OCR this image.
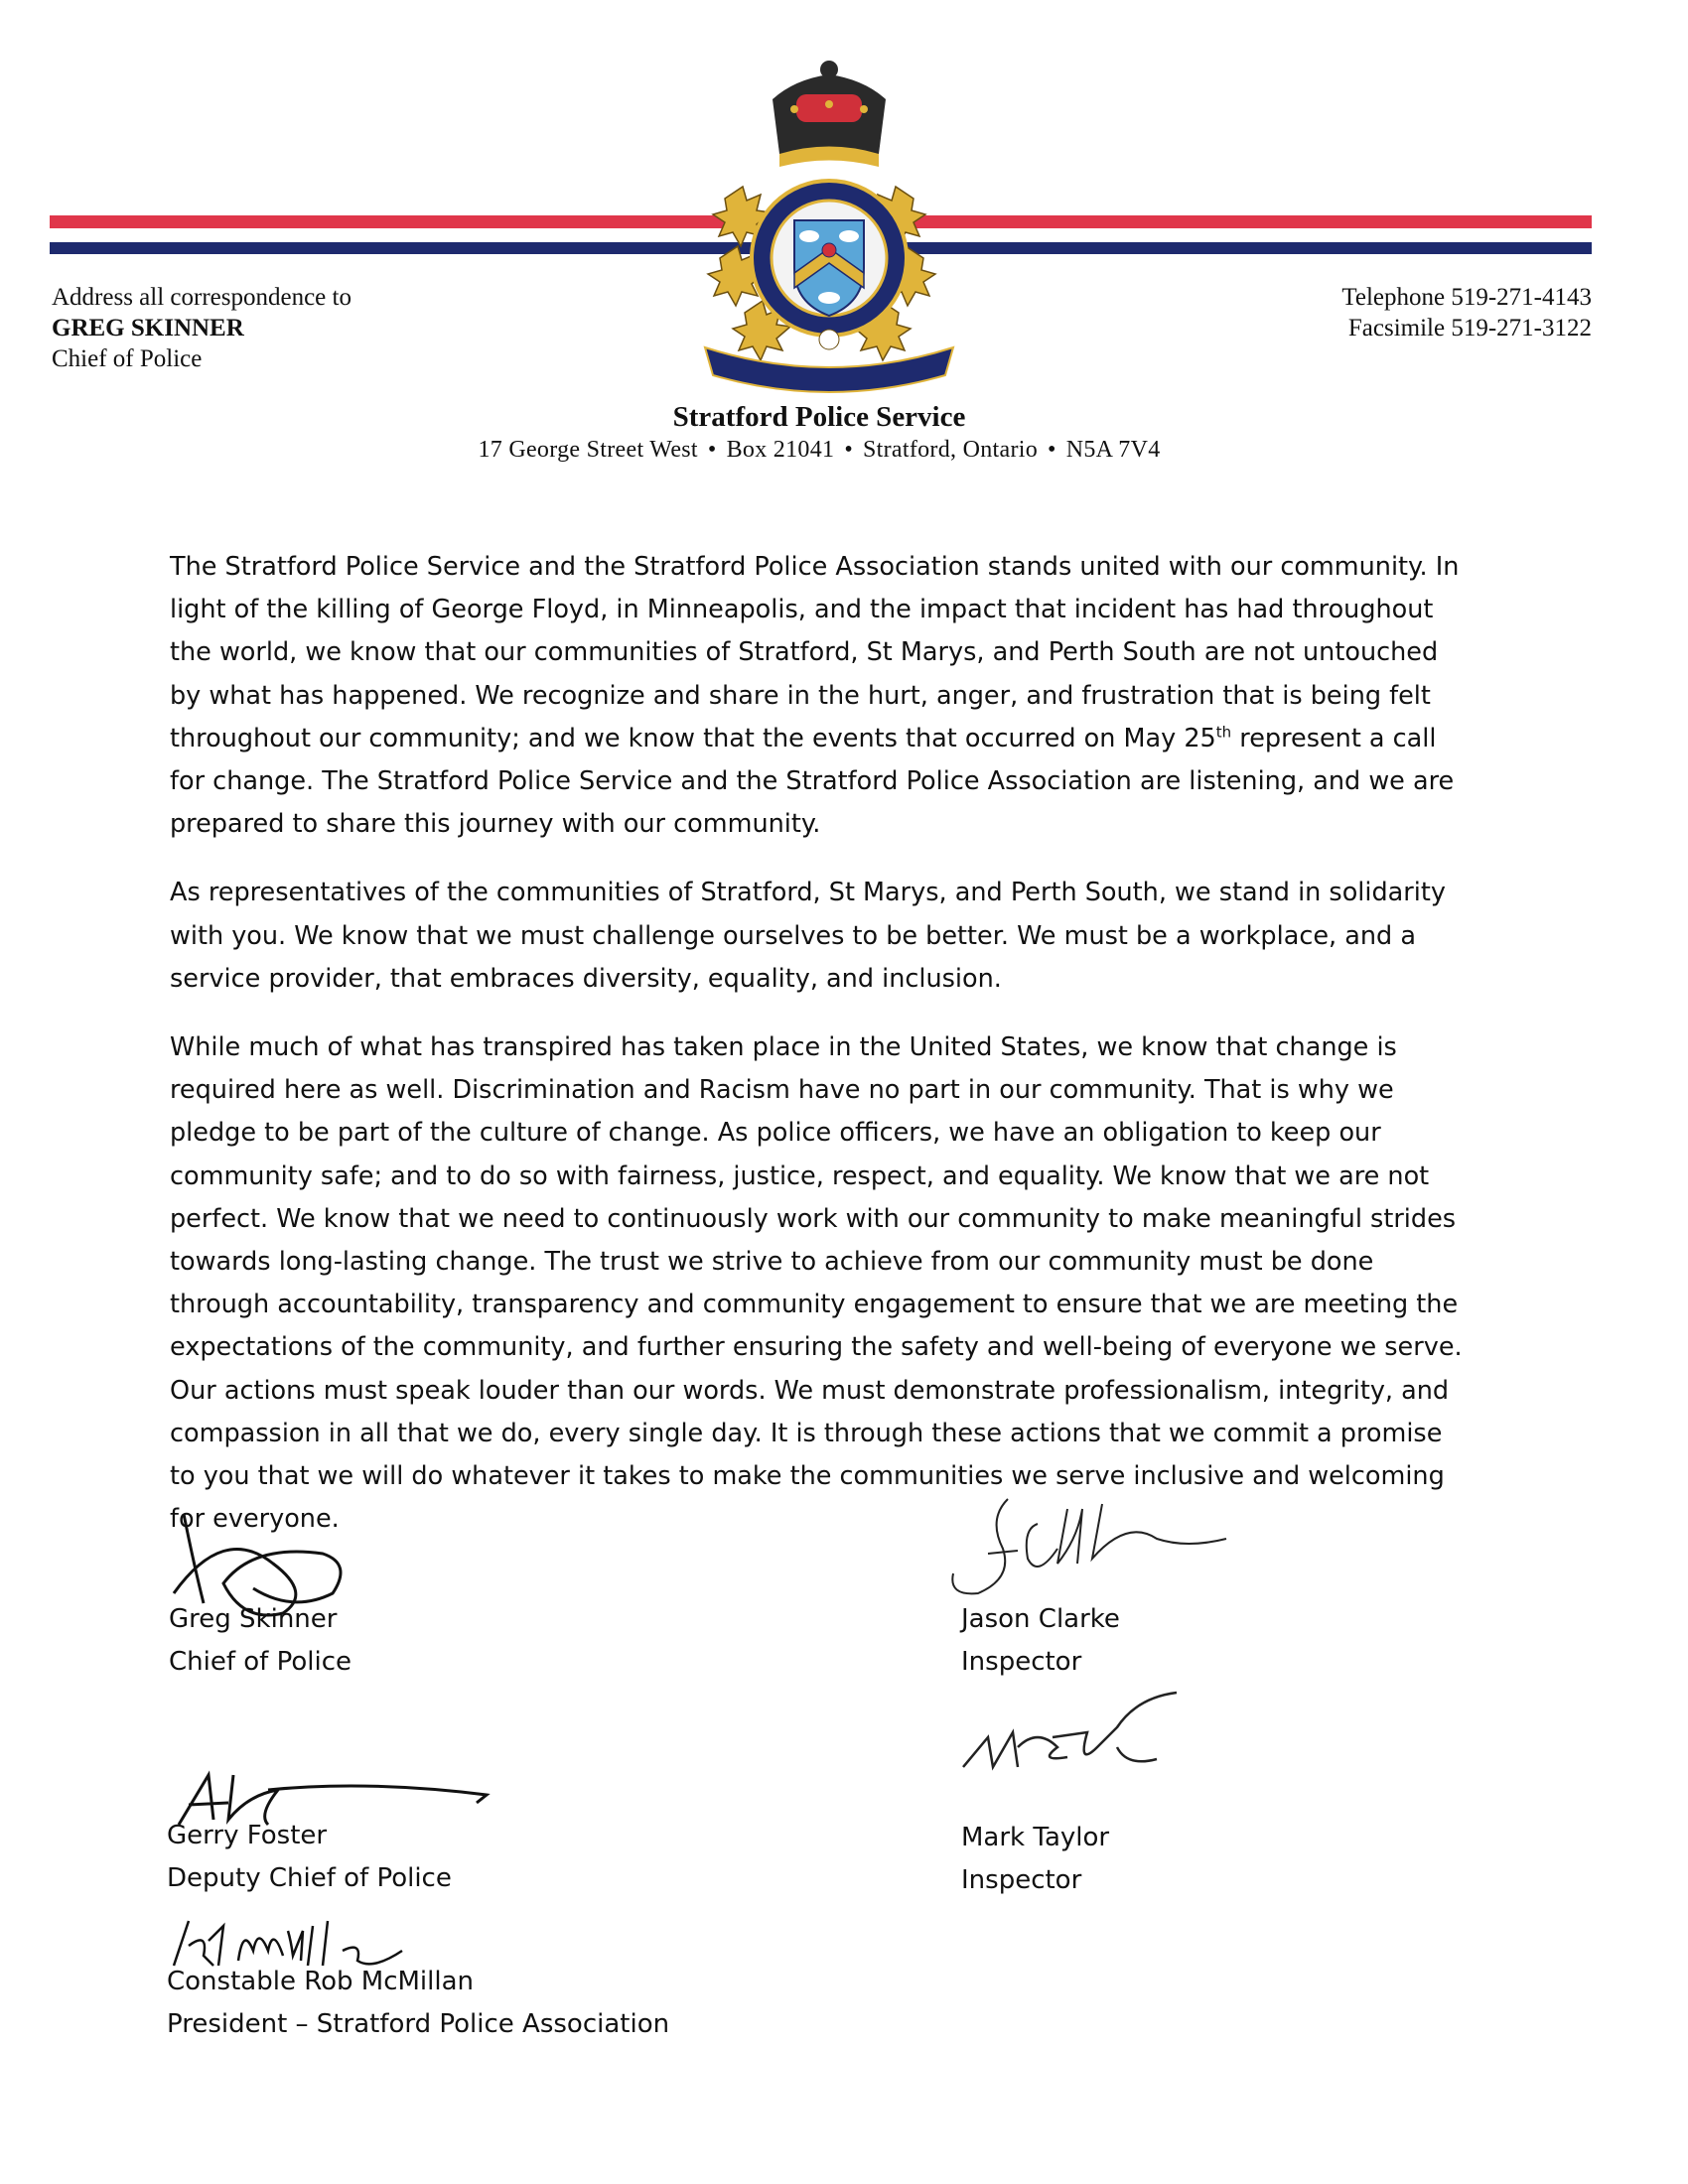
Address all correspondence to
GREG SKINNER
Chief of Police
Telephone 519-271-4143
Facsimile 519-271-3122
Stratford Police Service
17 George Street West • Box 21041 • Stratford, Ontario • N5A 7V4

The Stratford Police Service and the Stratford Police Association stands united with our community. In light of the killing of George Floyd, in Minneapolis, and the impact that incident has had throughout the world, we know that our communities of Stratford, St Marys, and Perth South are not untouched by what has happened. We recognize and share in the hurt, anger, and frustration that is being felt throughout our community; and we know that the events that occurred on May 25th represent a call for change. The Stratford Police Service and the Stratford Police Association are listening, and we are prepared to share this journey with our community.

As representatives of the communities of Stratford, St Marys, and Perth South, we stand in solidarity with you. We know that we must challenge ourselves to be better. We must be a workplace, and a service provider, that embraces diversity, equality, and inclusion.

While much of what has transpired has taken place in the United States, we know that change is required here as well. Discrimination and Racism have no part in our community. That is why we pledge to be part of the culture of change. As police officers, we have an obligation to keep our community safe; and to do so with fairness, justice, respect, and equality. We know that we are not perfect. We know that we need to continuously work with our community to make meaningful strides towards long-lasting change. The trust we strive to achieve from our community must be done through accountability, transparency and community engagement to ensure that we are meeting the expectations of the community, and further ensuring the safety and well-being of everyone we serve. Our actions must speak louder than our words. We must demonstrate professionalism, integrity, and compassion in all that we do, every single day. It is through these actions that we commit a promise to you that we will do whatever it takes to make the communities we serve inclusive and welcoming for everyone.

Greg Skinner
Chief of Police
Jason Clarke
Inspector
Mark Taylor
Inspector
Gerry Foster
Deputy Chief of Police
Constable Rob McMillan
President – Stratford Police Association
